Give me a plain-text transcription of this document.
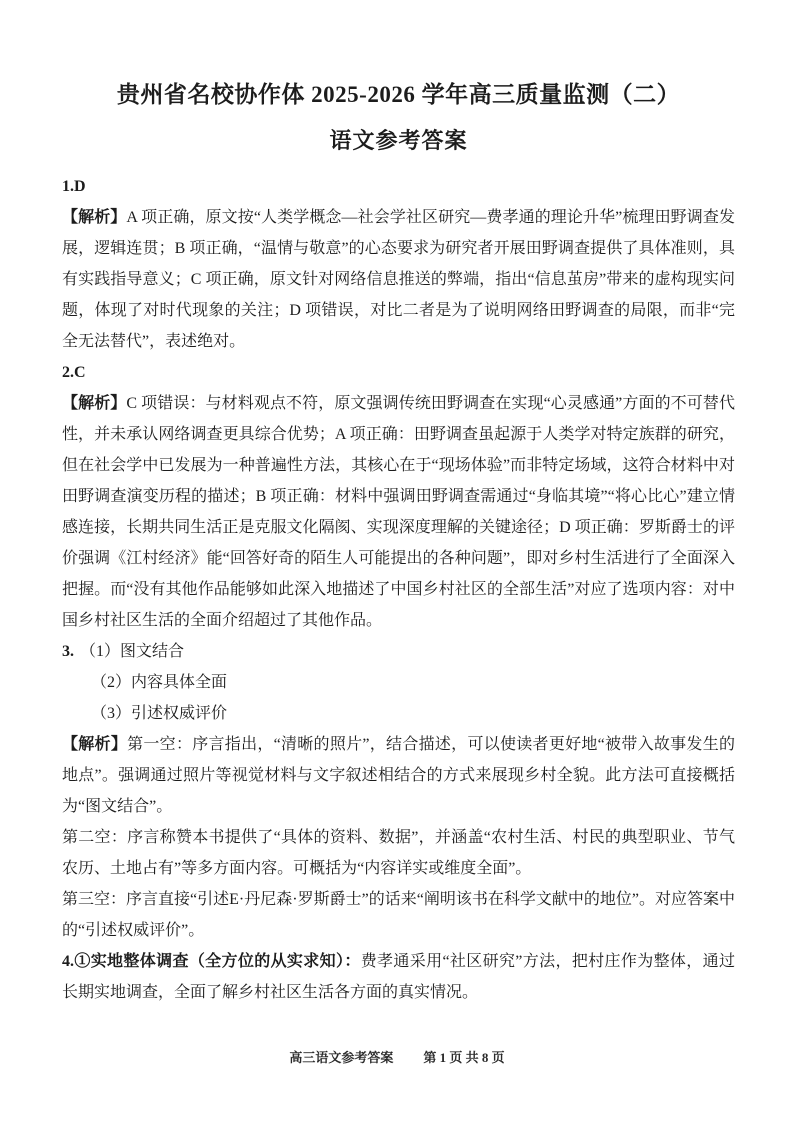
贵州省名校协作体 2025-2026 学年高三质量监测（二）
语文参考答案

1.D

【解析】A 项正确，原文按“人类学概念—社会学社区研究—费孝通的理论升华”梳理田野调查发展，逻辑连贯；B 项正确，“温情与敬意”的心态要求为研究者开展田野调查提供了具体准则，具有实践指导意义；C 项正确，原文针对网络信息推送的弊端，指出“信息茧房”带来的虚构现实问题，体现了对时代现象的关注；D 项错误，对比二者是为了说明网络田野调查的局限，而非“完全无法替代”，表述绝对。

2.C

【解析】C 项错误：与材料观点不符，原文强调传统田野调查在实现“心灵感通”方面的不可替代性，并未承认网络调查更具综合优势；A 项正确：田野调查虽起源于人类学对特定族群的研究，但在社会学中已发展为一种普遍性方法，其核心在于“现场体验”而非特定场域，这符合材料中对田野调查演变历程的描述；B 项正确：材料中强调田野调查需通过“身临其境”“将心比心”建立情感连接，长期共同生活正是克服文化隔阂、实现深度理解的关键途径；D 项正确：罗斯爵士的评价强调《江村经济》能“回答好奇的陌生人可能提出的各种问题”，即对乡村生活进行了全面深入把握。而“没有其他作品能够如此深入地描述了中国乡村社区的全部生活”对应了选项内容：对中国乡村社区生活的全面介绍超过了其他作品。

3. （1）图文结合

（2）内容具体全面

（3）引述权威评价

【解析】第一空：序言指出，“清晰的照片”，结合描述，可以使读者更好地“被带入故事发生的地点”。强调通过照片等视觉材料与文字叙述相结合的方式来展现乡村全貌。此方法可直接概括为“图文结合”。

第二空：序言称赞本书提供了“具体的资料、数据”，并涵盖“农村生活、村民的典型职业、节气农历、土地占有”等多方面内容。可概括为“内容详实或维度全面”。

第三空：序言直接“引述E·丹尼森·罗斯爵士”的话来“阐明该书在科学文献中的地位”。对应答案中的“引述权威评价”。

4.①实地整体调查（全方位的从实求知）：费孝通采用“社区研究”方法，把村庄作为整体，通过长期实地调查，全面了解乡村社区生活各方面的真实情况。

高三语文参考答案 第 1 页 共 8 页
